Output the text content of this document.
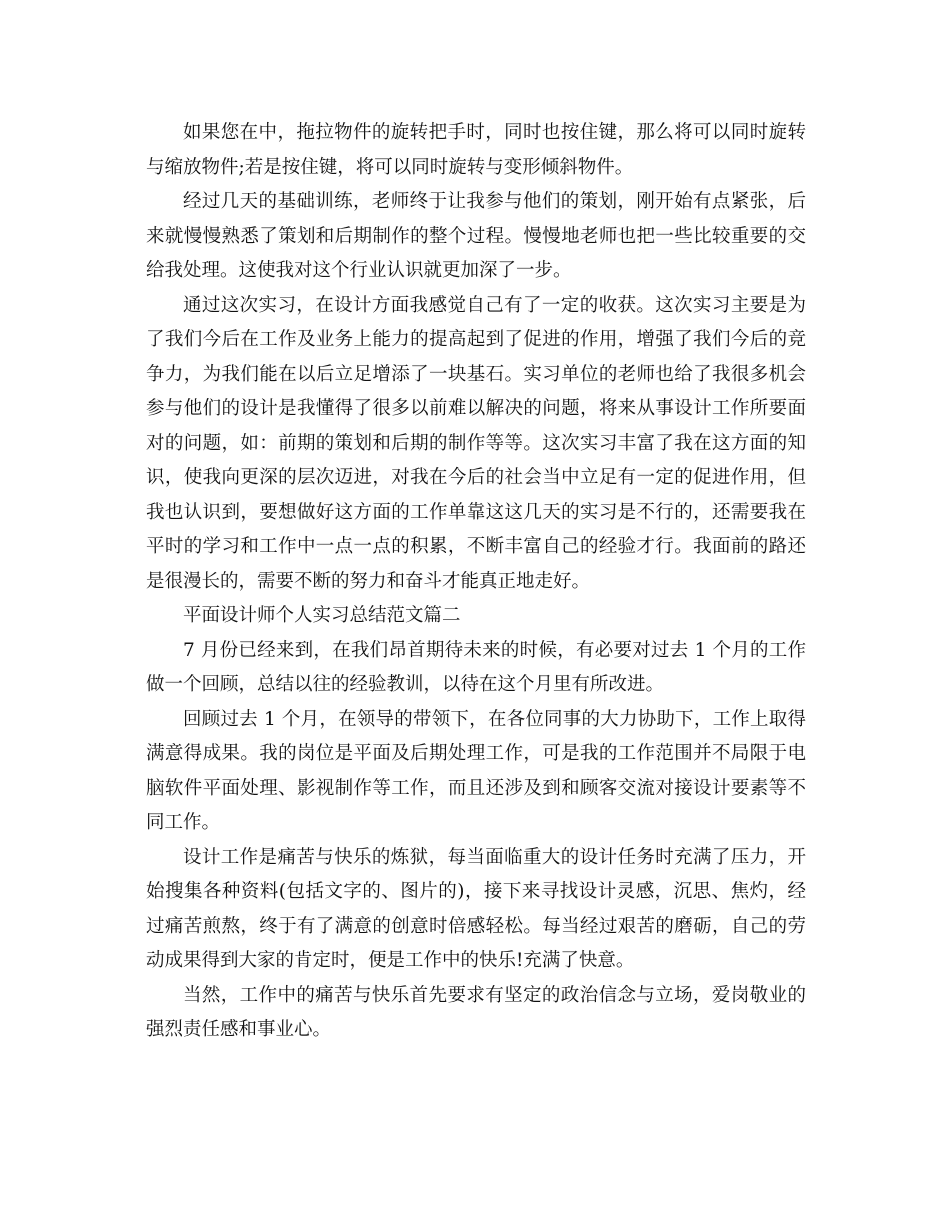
如果您在中，拖拉物件的旋转把手时，同时也按住键，那么将可以同时旋转与缩放物件;若是按住键，将可以同时旋转与变形倾斜物件。

经过几天的基础训练，老师终于让我参与他们的策划，刚开始有点紧张，后来就慢慢熟悉了策划和后期制作的整个过程。慢慢地老师也把一些比较重要的交给我处理。这使我对这个行业认识就更加深了一步。

通过这次实习，在设计方面我感觉自己有了一定的收获。这次实习主要是为了我们今后在工作及业务上能力的提高起到了促进的作用，增强了我们今后的竞争力，为我们能在以后立足增添了一块基石。实习单位的老师也给了我很多机会参与他们的设计是我懂得了很多以前难以解决的问题，将来从事设计工作所要面对的问题，如：前期的策划和后期的制作等等。这次实习丰富了我在这方面的知识，使我向更深的层次迈进，对我在今后的社会当中立足有一定的促进作用，但我也认识到，要想做好这方面的工作单靠这这几天的实习是不行的，还需要我在平时的学习和工作中一点一点的积累，不断丰富自己的经验才行。我面前的路还是很漫长的，需要不断的努力和奋斗才能真正地走好。

平面设计师个人实习总结范文篇二

7 月份已经来到，在我们昂首期待未来的时候，有必要对过去 1 个月的工作做一个回顾，总结以往的经验教训，以待在这个月里有所改进。

回顾过去 1 个月，在领导的带领下，在各位同事的大力协助下，工作上取得满意得成果。我的岗位是平面及后期处理工作，可是我的工作范围并不局限于电脑软件平面处理、影视制作等工作，而且还涉及到和顾客交流对接设计要素等不同工作。

设计工作是痛苦与快乐的炼狱，每当面临重大的设计任务时充满了压力，开始搜集各种资料(包括文字的、图片的)，接下来寻找设计灵感，沉思、焦灼，经过痛苦煎熬，终于有了满意的创意时倍感轻松。每当经过艰苦的磨砺，自己的劳动成果得到大家的肯定时，便是工作中的快乐!充满了快意。

当然，工作中的痛苦与快乐首先要求有坚定的政治信念与立场，爱岗敬业的强烈责任感和事业心。
